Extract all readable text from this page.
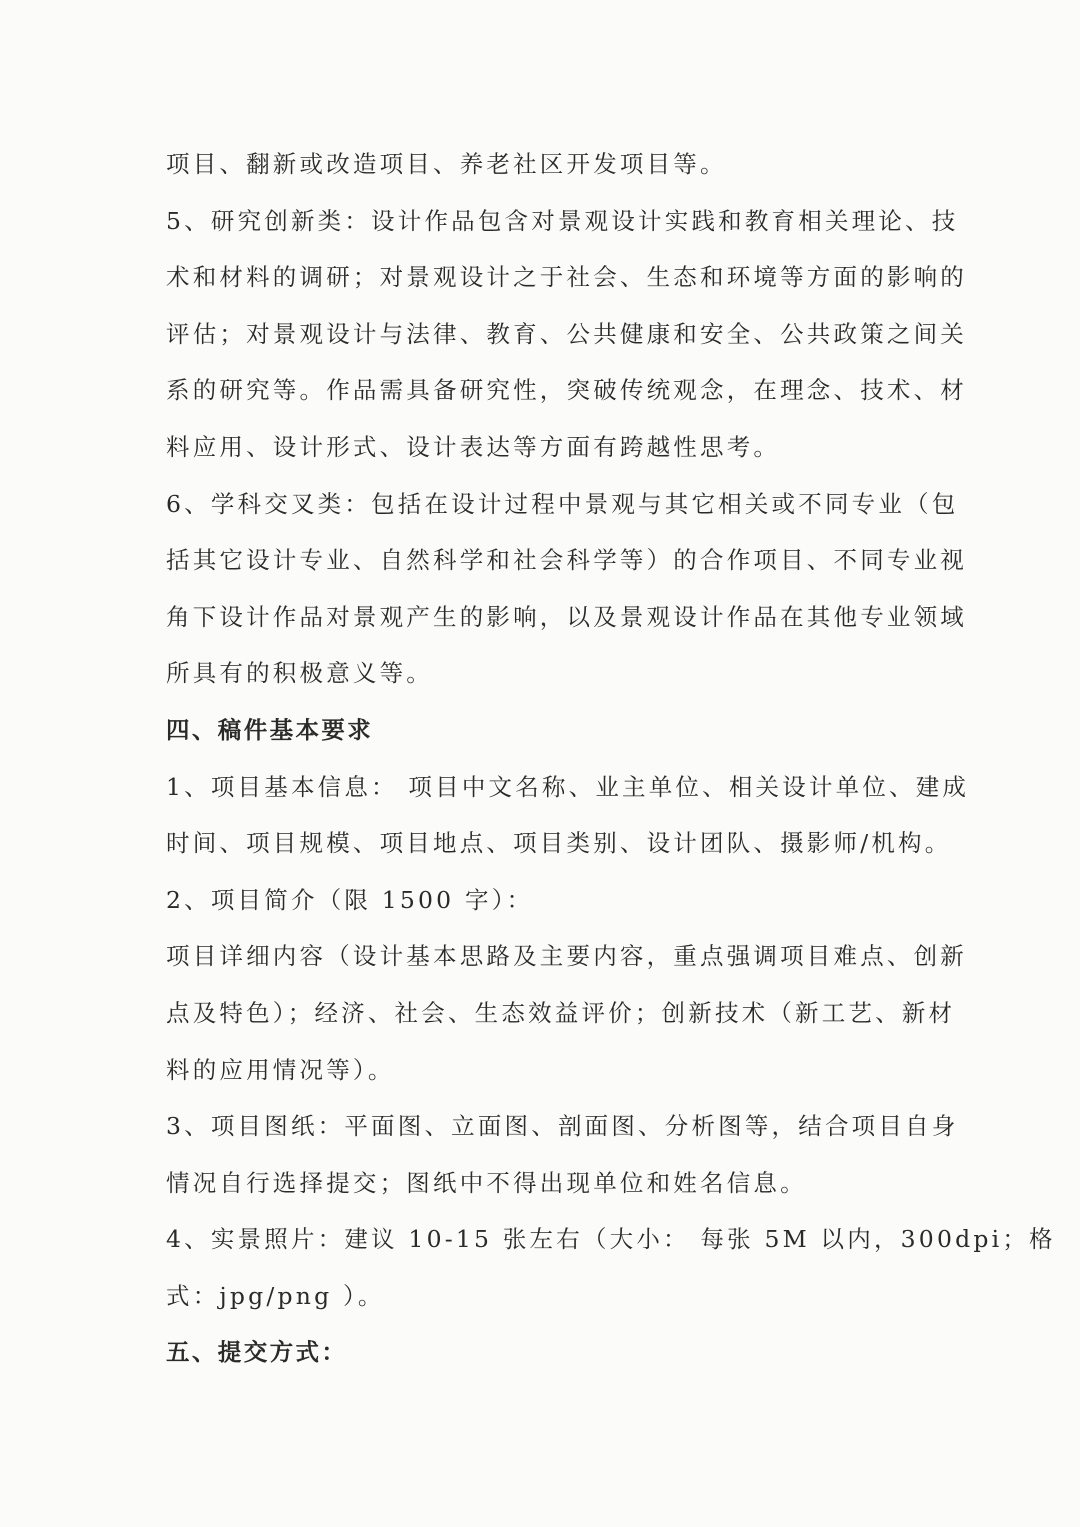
项目、翻新或改造项目、养老社区开发项目等。
5、研究创新类：设计作品包含对景观设计实践和教育相关理论、技
术和材料的调研；对景观设计之于社会、生态和环境等方面的影响的
评估；对景观设计与法律、教育、公共健康和安全、公共政策之间关
系的研究等。作品需具备研究性，突破传统观念，在理念、技术、材
料应用、设计形式、设计表达等方面有跨越性思考。
6、学科交叉类：包括在设计过程中景观与其它相关或不同专业（包
括其它设计专业、自然科学和社会科学等）的合作项目、不同专业视
角下设计作品对景观产生的影响，以及景观设计作品在其他专业领域
所具有的积极意义等。
四、稿件基本要求
1、项目基本信息： 项目中文名称、业主单位、相关设计单位、建成
时间、项目规模、项目地点、项目类别、设计团队、摄影师/机构。
2、项目简介（限 1500 字）：
项目详细内容（设计基本思路及主要内容，重点强调项目难点、创新
点及特色）；经济、社会、生态效益评价；创新技术（新工艺、新材
料的应用情况等）。
3、项目图纸：平面图、立面图、剖面图、分析图等，结合项目自身
情况自行选择提交；图纸中不得出现单位和姓名信息。
4、实景照片：建议 10-15 张左右（大小： 每张 5M 以内，300dpi；格
式：jpg/png ）。
五、提交方式：
